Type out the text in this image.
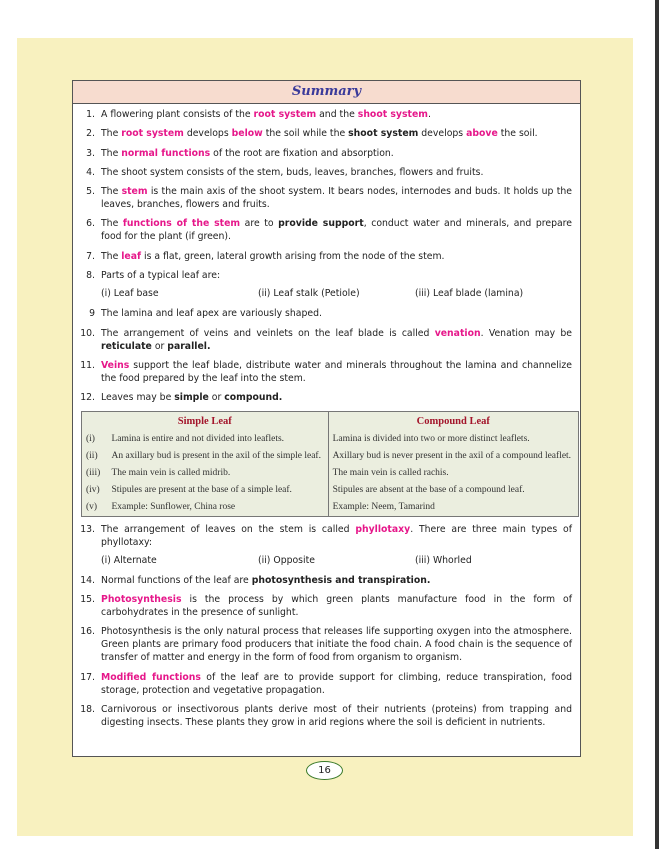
Summary
1. A flowering plant consists of the root system and the shoot system.
2. The root system develops below the soil while the shoot system develops above the soil.
3. The normal functions of the root are fixation and absorption.
4. The shoot system consists of the stem, buds, leaves, branches, flowers and fruits.
5. The stem is the main axis of the shoot system. It bears nodes, internodes and buds. It holds up the leaves, branches, flowers and fruits.
6. The functions of the stem are to provide support, conduct water and minerals, and prepare food for the plant (if green).
7. The leaf is a flat, green, lateral growth arising from the node of the stem.
8. Parts of a typical leaf are:
(i) Leaf base	(ii) Leaf stalk (Petiole)	(iii) Leaf blade (lamina)
9 The lamina and leaf apex are variously shaped.
10. The arrangement of veins and veinlets on the leaf blade is called venation. Venation may be reticulate or parallel.
11. Veins support the leaf blade, distribute water and minerals throughout the lamina and channelize the food prepared by the leaf into the stem.
12. Leaves may be simple or compound.
Simple Leaf		Compound Leaf
(i)	Lamina is entire and not divided into leaflets.	Lamina is divided into two or more distinct leaflets.
(ii)	An axillary bud is present in the axil of the simple leaf.	Axillary bud is never present in the axil of a compound leaflet.
(iii)	The main vein is called midrib.	The main vein is called rachis.
(iv)	Stipules are present at the base of a simple leaf.	Stipules are absent at the base of a compound leaf.
(v)	Example: Sunflower, China rose	Example: Neem, Tamarind
13. The arrangement of leaves on the stem is called phyllotaxy. There are three main types of phyllotaxy:
(i) Alternate	(ii) Opposite	(iii) Whorled
14. Normal functions of the leaf are photosynthesis and transpiration.
15. Photosynthesis is the process by which green plants manufacture food in the form of carbohydrates in the presence of sunlight.
16. Photosynthesis is the only natural process that releases life supporting oxygen into the atmosphere. Green plants are primary food producers that initiate the food chain. A food chain is the sequence of transfer of matter and energy in the form of food from organism to organism.
17. Modified functions of the leaf are to provide support for climbing, reduce transpiration, food storage, protection and vegetative propagation.
18. Carnivorous or insectivorous plants derive most of their nutrients (proteins) from trapping and digesting insects. These plants they grow in arid regions where the soil is deficient in nutrients.
16
